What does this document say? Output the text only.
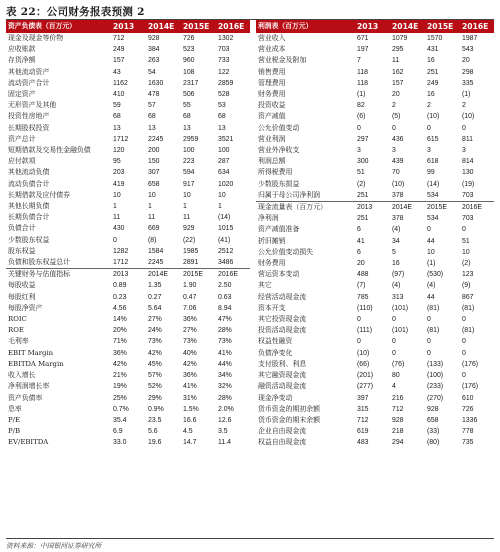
表 22：公司财务报表预测 2
资产负债表（百万元）	2013	2014E	2015E	2016E
现金及现金等价物	712	928	726	1302
应收账款	249	384	523	703
存货净额	157	263	960	733
其他流动资产	43	54	108	122
流动资产合计	1162	1630	2317	2859
固定资产	410	478	506	528
无形资产及其他	59	57	55	53
投资性房地产	68	68	68	68
长期股权投资	13	13	13	13
资产总计	1712	2245	2959	3521
短期借款及交易性金融负债	120	200	100	100
应付款项	95	150	223	287
其他流动负债	203	307	594	634
流动负债合计	419	658	917	1020
长期借款及应付债券	10	10	10	10
其他长期负债	1	1	1	1
长期负债合计	11	11	11	(14)
负债合计	430	669	929	1015
少数股东权益	0	(8)	(22)	(41)
股东权益	1282	1584	1985	2512
负债和股东权益总计	1712	2245	2891	3486
关键财务与估值指标	2013	2014E	2015E	2016E
每股收益	0.89	1.35	1.90	2.50
每股红利	0.23	0.27	0.47	0.63
每股净资产	4.56	5.64	7.06	8.94
ROIC	14%	27%	36%	47%
ROE	20%	24%	27%	28%
毛利率	71%	73%	73%	73%
EBIT Margin	36%	42%	40%	41%
EBITDA Margin	42%	45%	42%	44%
收入增长	21%	57%	36%	34%
净利润增长率	19%	52%	41%	32%
资产负债率	25%	29%	31%	28%
息率	0.7%	0.9%	1.5%	2.0%
P/E	35.4	23.5	16.6	12.6
P/B	6.9	5.6	4.5	3.5
EV/EBITDA	33.0	19.6	14.7	11.4
利润表（百万元）	2013	2014E	2015E	2016E
营业收入	671	1079	1570	1987
营业成本	197	295	431	543
营业税金及附加	7	11	16	20
销售费用	118	162	251	298
管理费用	118	157	249	335
财务费用	(1)	20	16	(1)
投资收益	82	2	2	2
资产减值	(6)	(5)	(10)	(10)
公允价值变动	0	0	0	0
营业利润	297	436	615	811
营业外净收支	3	3	3	3
利润总额	300	439	618	814
所得税费用	51	70	99	130
少数股东损益	(2)	(10)	(14)	(19)
归属于母公司净利润	251	378	534	703
现金流量表（百万元）	2013	2014E	2015E	2016E
净利润	251	378	534	703
资产减值准备	6	(4)	0	0
折旧摊销	41	34	44	51
公允价值变动损失	6	5	10	10
财务费用	20	16	(1)	(2)
营运资本变动	488	(97)	(530)	123
其它	(7)	(4)	(4)	(9)
经营活动现金流	785	313	44	867
资本开支	(110)	(101)	(81)	(81)
其它投资现金流	0	0	0	0
投资活动现金流	(111)	(101)	(81)	(81)
权益性融资	0	0	0	0
负债净变化	(10)	0	0	0
支付股利、利息	(66)	(76)	(133)	(176)
其它融资现金流	(201)	80	(100)	0
融资活动现金流	(277)	4	(233)	(176)
现金净变动	397	216	(270)	610
货币资金的期初余额	315	712	928	726
货币资金的期末余额	712	928	658	1336
企业自由现金流	619	218	(33)	778
权益自由现金流	483	294	(80)	735
资料来源：中国银河证券研究所
